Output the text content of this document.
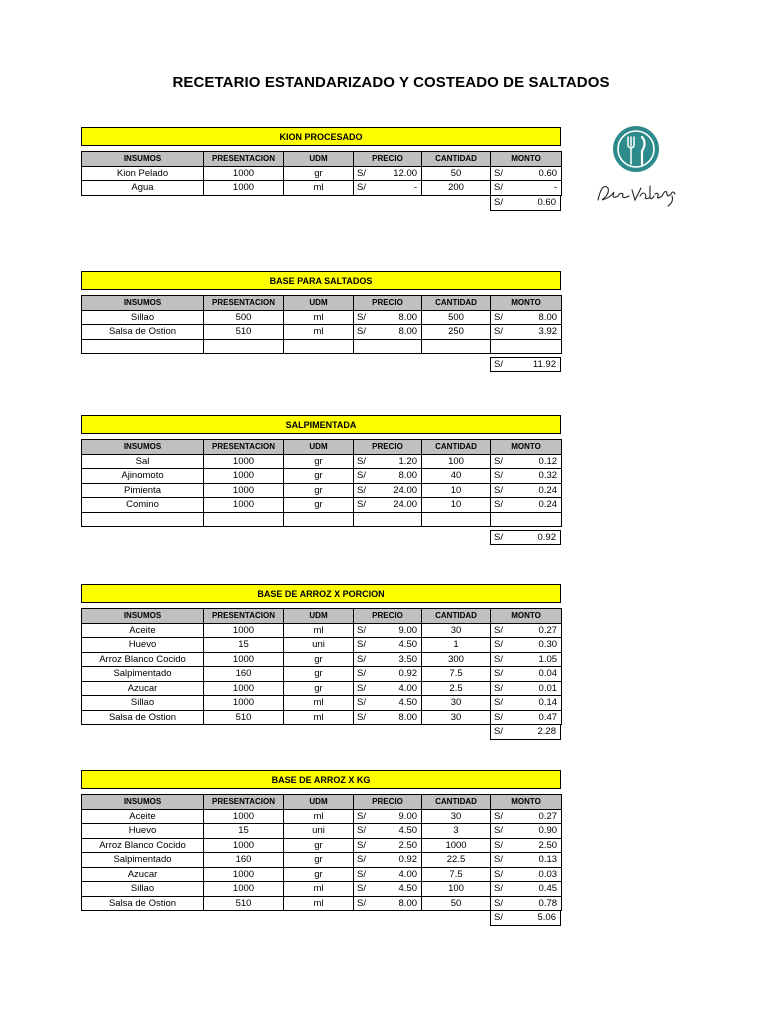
RECETARIO ESTANDARIZADO Y COSTEADO DE SALTADOS
KION PROCESADO
INSUMOS	PRESENTACION	UDM	PRECIO		CANTIDAD	MONTO	
Kion Pelado	1000	gr	S/	12.00	50	S/	0.60
Agua	1000	ml	S/	-	200	S/	-
S/	0.60
BASE PARA SALTADOS
INSUMOS	PRESENTACION	UDM	PRECIO		CANTIDAD	MONTO	
Sillao	500	ml	S/	8.00	500	S/	8.00
Salsa de Ostion	510	ml	S/	8.00	250	S/	3.92

S/	11.92
SALPIMENTADA
INSUMOS	PRESENTACION	UDM	PRECIO		CANTIDAD	MONTO	
Sal	1000	gr	S/	1.20	100	S/	0.12
Ajinomoto	1000	gr	S/	8.00	40	S/	0.32
Pimienta	1000	gr	S/	24.00	10	S/	0.24
Comino	1000	gr	S/	24.00	10	S/	0.24

S/	0.92
BASE DE ARROZ X PORCION
INSUMOS	PRESENTACION	UDM	PRECIO		CANTIDAD	MONTO	
Aceite	1000	ml	S/	9.00	30	S/	0.27
Huevo	15	uni	S/	4.50	1	S/	0.30
Arroz Blanco Cocido	1000	gr	S/	3.50	300	S/	1.05
Salpimentado	160	gr	S/	0.92	7.5	S/	0.04
Azucar	1000	gr	S/	4.00	2.5	S/	0.01
Sillao	1000	ml	S/	4.50	30	S/	0.14
Salsa de Ostion	510	ml	S/	8.00	30	S/	0.47
S/	2.28
BASE DE ARROZ X KG
INSUMOS	PRESENTACION	UDM	PRECIO		CANTIDAD	MONTO	
Aceite	1000	ml	S/	9.00	30	S/	0.27
Huevo	15	uni	S/	4.50	3	S/	0.90
Arroz Blanco Cocido	1000	gr	S/	2.50	1000	S/	2.50
Salpimentado	160	gr	S/	0.92	22.5	S/	0.13
Azucar	1000	gr	S/	4.00	7.5	S/	0.03
Sillao	1000	ml	S/	4.50	100	S/	0.45
Salsa de Ostion	510	ml	S/	8.00	50	S/	0.78
S/	5.06
